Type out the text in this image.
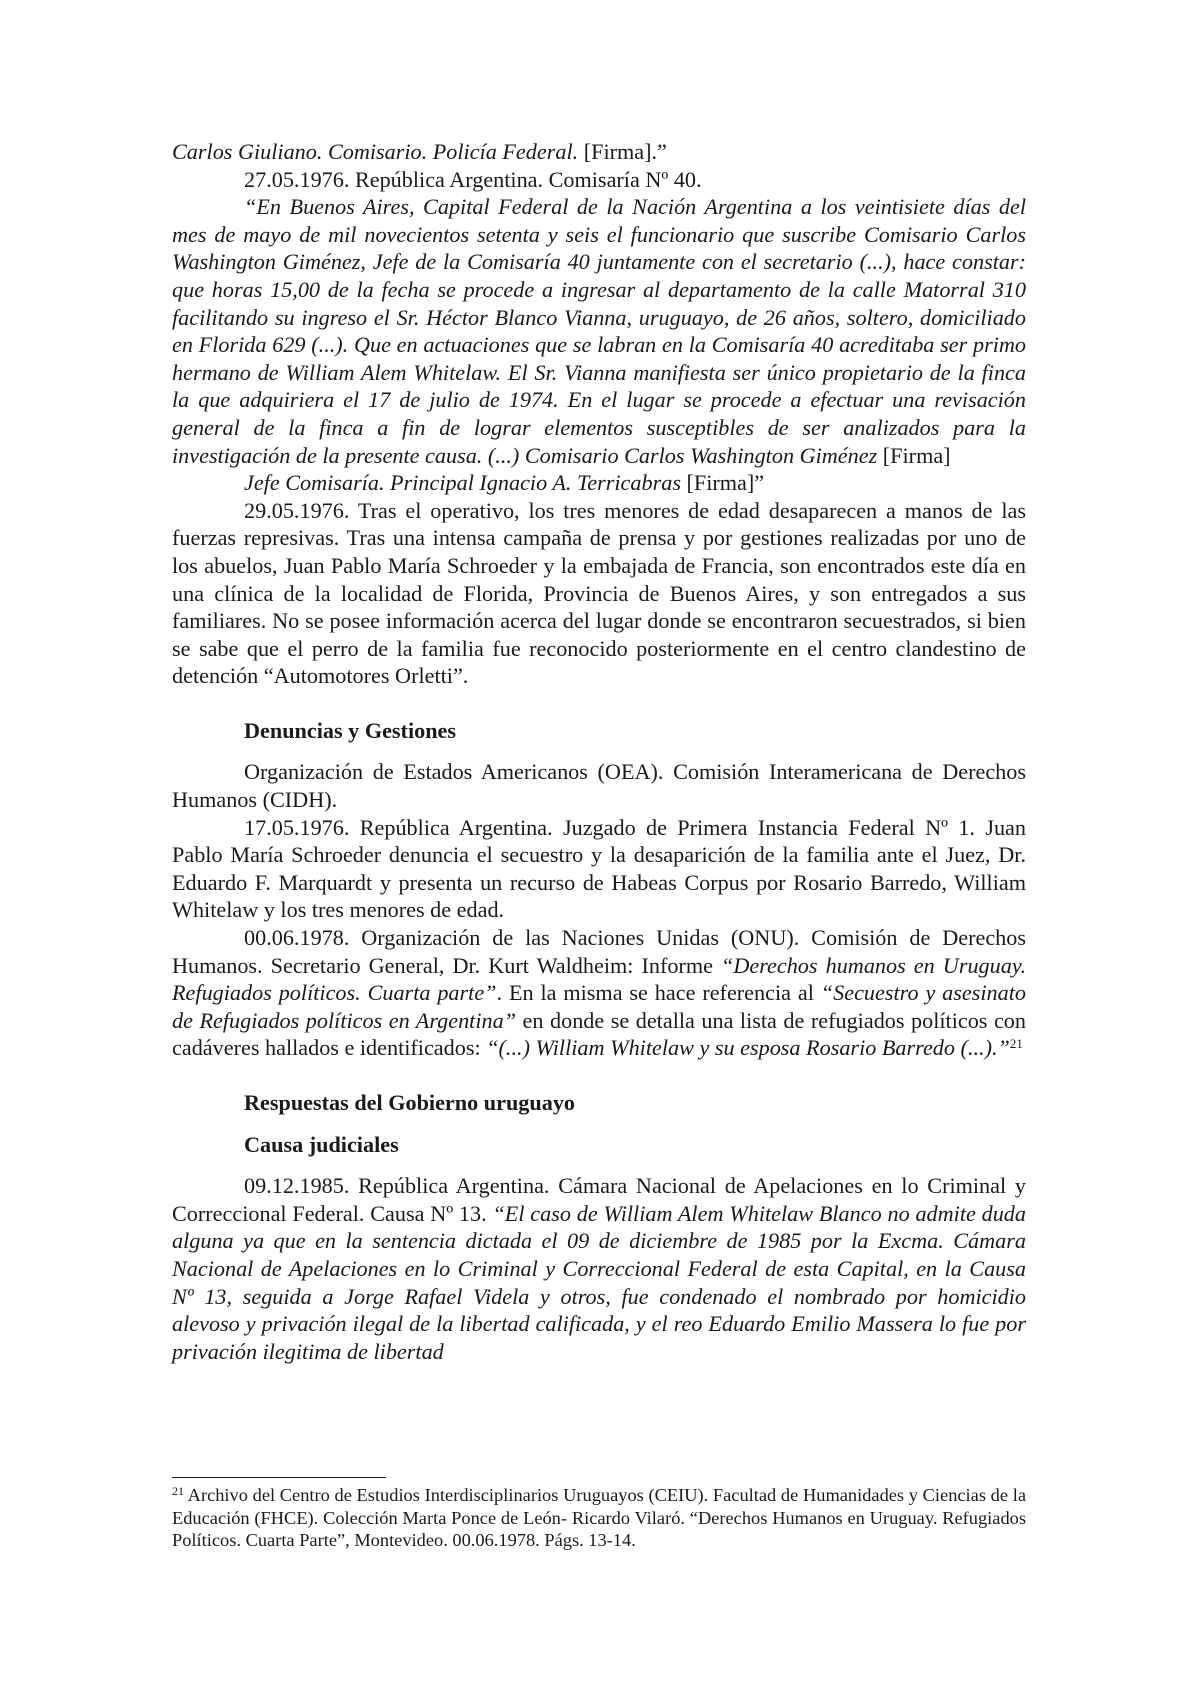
Carlos Giuliano. Comisario. Policía Federal. [Firma].”

27.05.1976. República Argentina. Comisaría Nº 40.

“En Buenos Aires, Capital Federal de la Nación Argentina a los veintisiete días del mes de mayo de mil novecientos setenta y seis el funcionario que suscribe Comisario Carlos Washington Giménez, Jefe de la Comisaría 40 juntamente con el secretario (...), hace constar: que horas 15,00 de la fecha se procede a ingresar al departamento de la calle Matorral 310 facilitando su ingreso el Sr. Héctor Blanco Vianna, uruguayo, de 26 años, soltero, domiciliado en Florida 629 (...). Que en actuaciones que se labran en la Comisaría 40 acreditaba ser primo hermano de William Alem Whitelaw. El Sr. Vianna manifiesta ser único propietario de la finca la que adquiriera el 17 de julio de 1974. En el lugar se procede a efectuar una revisación general de la finca a fin de lograr elementos susceptibles de ser analizados para la investigación de la presente causa. (...) Comisario Carlos Washington Giménez [Firma]

Jefe Comisaría. Principal Ignacio A. Terricabras [Firma]”

29.05.1976. Tras el operativo, los tres menores de edad desaparecen a manos de las fuerzas represivas. Tras una intensa campaña de prensa y por gestiones realizadas por uno de los abuelos, Juan Pablo María Schroeder y la embajada de Francia, son encontrados este día en una clínica de la localidad de Florida, Provincia de Buenos Aires, y son entregados a sus familiares. No se posee información acerca del lugar donde se encontraron secuestrados, si bien se sabe que el perro de la familia fue reconocido posteriormente en el centro clandestino de detención “Automotores Orletti”.

Denuncias y Gestiones

Organización de Estados Americanos (OEA). Comisión Interamericana de Derechos Humanos (CIDH).

17.05.1976. República Argentina. Juzgado de Primera Instancia Federal Nº 1. Juan Pablo María Schroeder denuncia el secuestro y la desaparición de la familia ante el Juez, Dr. Eduardo F. Marquardt y presenta un recurso de Habeas Corpus por Rosario Barredo, William Whitelaw y los tres menores de edad.

00.06.1978. Organización de las Naciones Unidas (ONU). Comisión de Derechos Humanos. Secretario General, Dr. Kurt Waldheim: Informe “Derechos humanos en Uruguay. Refugiados políticos. Cuarta parte”. En la misma se hace referencia al “Secuestro y asesinato de Refugiados políticos en Argentina” en donde se detalla una lista de refugiados políticos con cadáveres hallados e identificados: “(...) William Whitelaw y su esposa Rosario Barredo (...).”$^{21}$

Respuestas del Gobierno uruguayo

Causa judiciales

09.12.1985. República Argentina. Cámara Nacional de Apelaciones en lo Criminal y Correccional Federal. Causa Nº 13. “El caso de William Alem Whitelaw Blanco no admite duda alguna ya que en la sentencia dictada el 09 de diciembre de 1985 por la Excma. Cámara Nacional de Apelaciones en lo Criminal y Correccional Federal de esta Capital, en la Causa Nº 13, seguida a Jorge Rafael Videla y otros, fue condenado el nombrado por homicidio alevoso y privación ilegal de la libertad calificada, y el reo Eduardo Emilio Massera lo fue por privación ilegitima de libertad

$^{21}$ Archivo del Centro de Estudios Interdisciplinarios Uruguayos (CEIU). Facultad de Humanidades y Ciencias de la Educación (FHCE). Colección Marta Ponce de León- Ricardo Vilaró. “Derechos Humanos en Uruguay. Refugiados Políticos. Cuarta Parte”, Montevideo. 00.06.1978. Págs. 13-14.
